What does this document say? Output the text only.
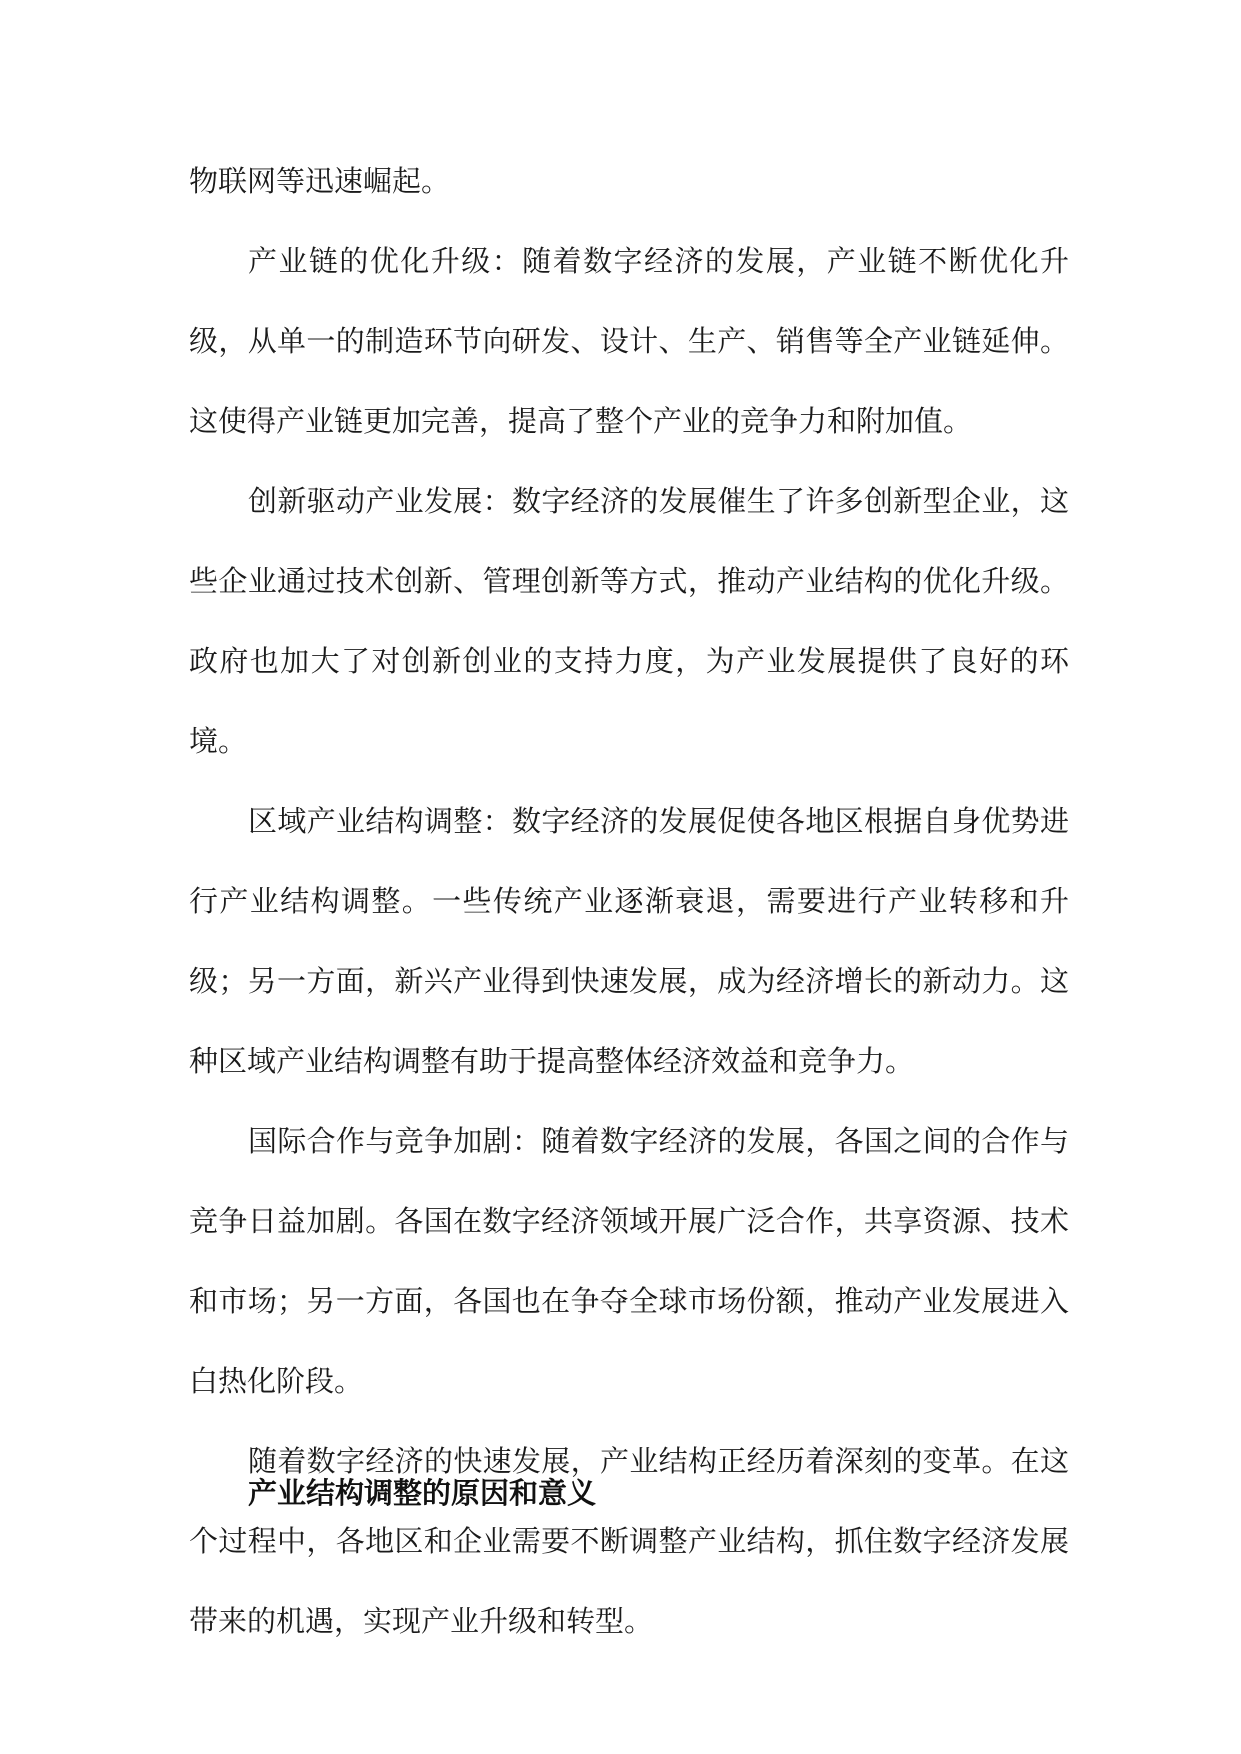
物联网等迅速崛起。

产业链的优化升级：随着数字经济的发展，产业链不断优化升级，从单一的制造环节向研发、设计、生产、销售等全产业链延伸。这使得产业链更加完善，提高了整个产业的竞争力和附加值。

创新驱动产业发展：数字经济的发展催生了许多创新型企业，这些企业通过技术创新、管理创新等方式，推动产业结构的优化升级。政府也加大了对创新创业的支持力度，为产业发展提供了良好的环境。

区域产业结构调整：数字经济的发展促使各地区根据自身优势进行产业结构调整。一些传统产业逐渐衰退，需要进行产业转移和升级；另一方面，新兴产业得到快速发展，成为经济增长的新动力。这种区域产业结构调整有助于提高整体经济效益和竞争力。

国际合作与竞争加剧：随着数字经济的发展，各国之间的合作与竞争日益加剧。各国在数字经济领域开展广泛合作，共享资源、技术和市场；另一方面，各国也在争夺全球市场份额，推动产业发展进入白热化阶段。

随着数字经济的快速发展，产业结构正经历着深刻的变革。在这个过程中，各地区和企业需要不断调整产业结构，抓住数字经济发展带来的机遇，实现产业升级和转型。

产业结构调整的原因和意义
